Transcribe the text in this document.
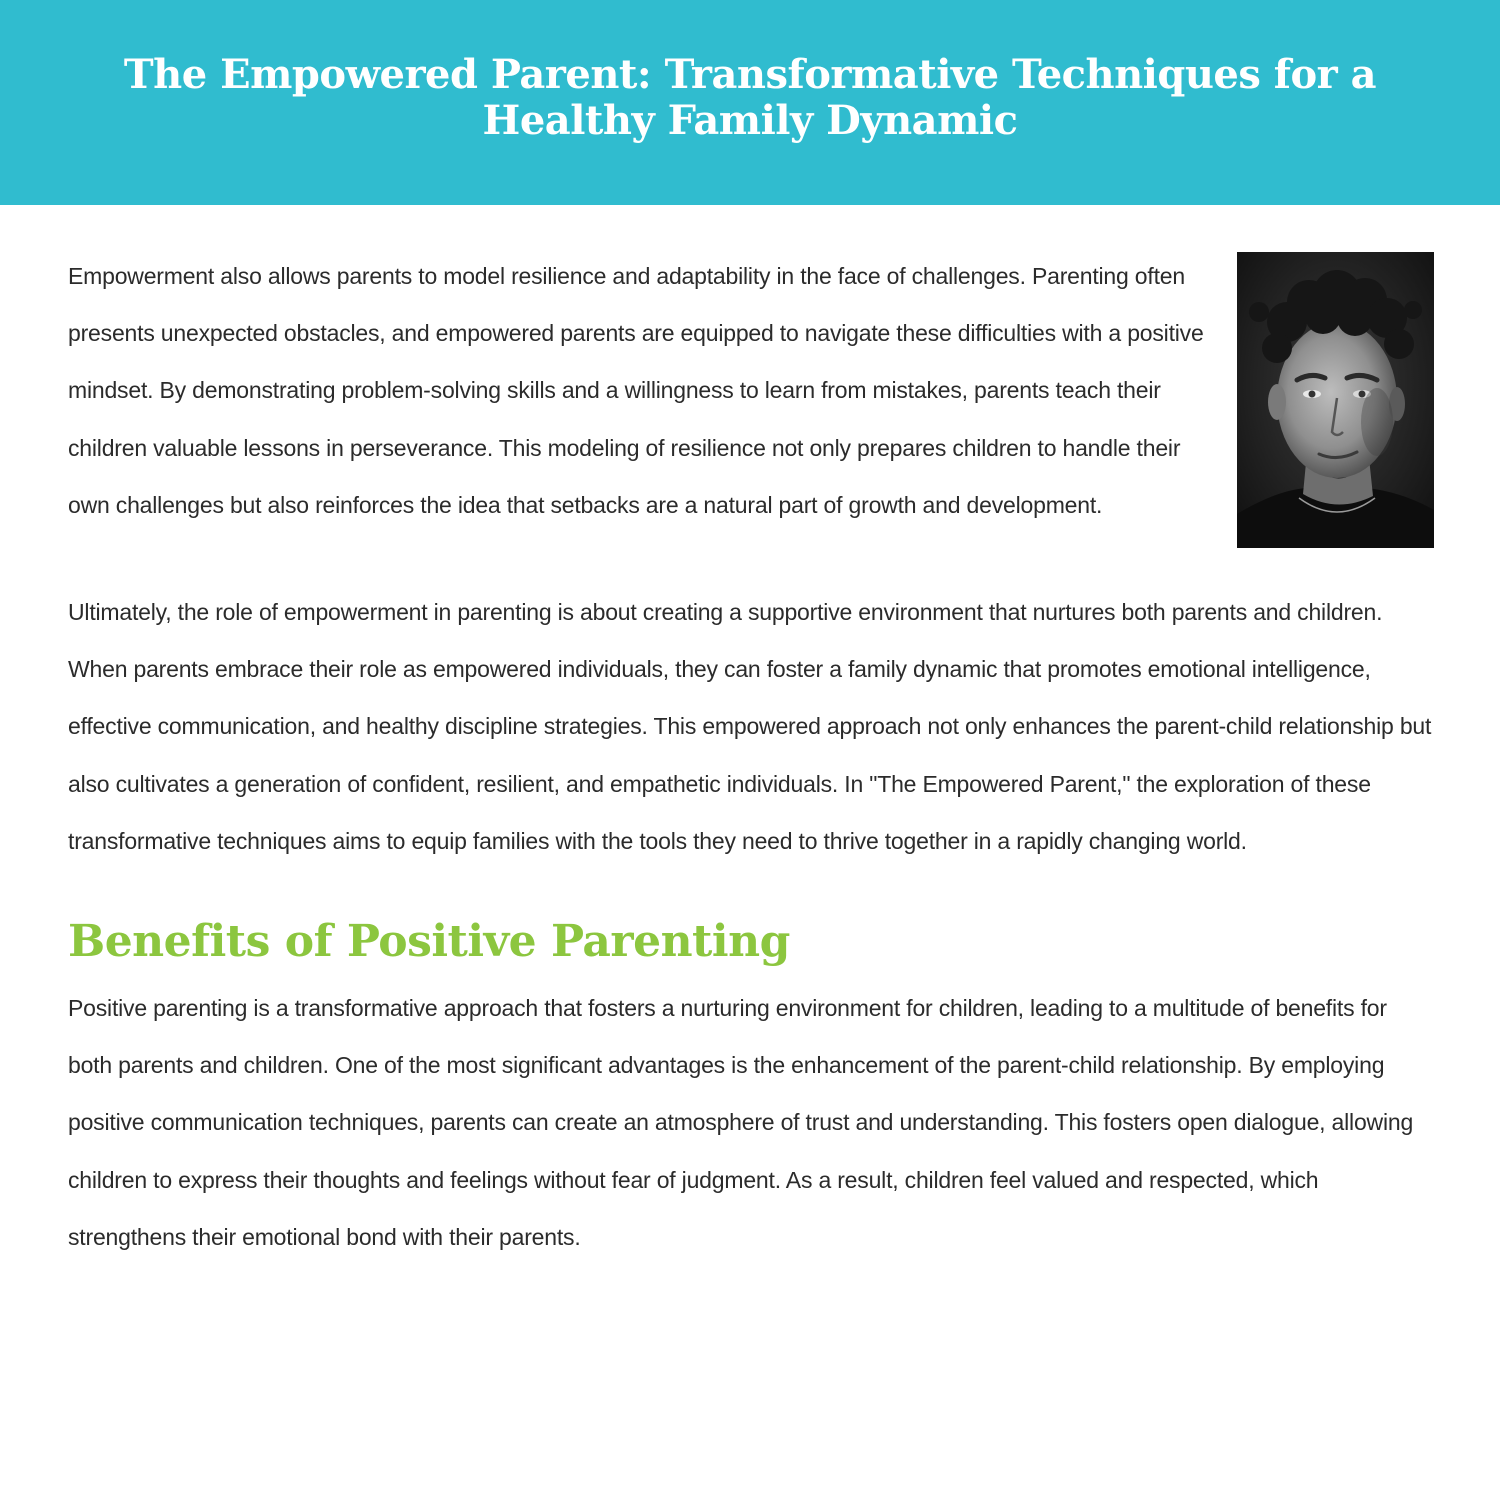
The Empowered Parent: Transformative Techniques for a Healthy Family Dynamic

Empowerment also allows parents to model resilience and adaptability in the face of challenges. Parenting often presents unexpected obstacles, and empowered parents are equipped to navigate these difficulties with a positive mindset. By demonstrating problem-solving skills and a willingness to learn from mistakes, parents teach their children valuable lessons in perseverance. This modeling of resilience not only prepares children to handle their own challenges but also reinforces the idea that setbacks are a natural part of growth and development.

Ultimately, the role of empowerment in parenting is about creating a supportive environment that nurtures both parents and children. When parents embrace their role as empowered individuals, they can foster a family dynamic that promotes emotional intelligence, effective communication, and healthy discipline strategies. This empowered approach not only enhances the parent-child relationship but also cultivates a generation of confident, resilient, and empathetic individuals. In "The Empowered Parent," the exploration of these transformative techniques aims to equip families with the tools they need to thrive together in a rapidly changing world.

Benefits of Positive Parenting

Positive parenting is a transformative approach that fosters a nurturing environment for children, leading to a multitude of benefits for both parents and children. One of the most significant advantages is the enhancement of the parent-child relationship. By employing positive communication techniques, parents can create an atmosphere of trust and understanding. This fosters open dialogue, allowing children to express their thoughts and feelings without fear of judgment. As a result, children feel valued and respected, which strengthens their emotional bond with their parents.
